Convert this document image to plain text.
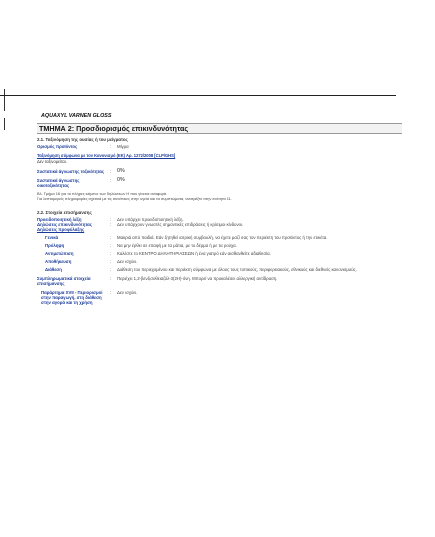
AQUAXYL VARNEN GLOSS
ΤΜΗΜΑ 2: Προσδιορισμός επικινδυνότητας
2.1. Ταξινόμηση της ουσίας ή του μείγματος
Ορισμός προϊόντος	:	Μίγμα
Ταξινόμηση σύμφωνα με τον Κανονισμό (ΕΚ) Αρ. 1272/2008 [CLP/GHS]
Δεν ταξινομείται.
Συστατικά άγνωστης τοξικότητας	:	0%
Συστατικά άγνωστης οικοτοξικότητας
:	0%
Βλ. Τμήμα 16 για το πλήρες κείμενο των δηλώσεων H που γίνεται αναφορά.
Για λεπτομερείς πληροφορίες σχετικά με τις συνέπειες στην υγεία και τα συμπτώματα, ανατρέξτε στην ενότητα 11.
2.2. Στοιχεία επισήμανσης
Προειδοποιητική λέξη	:	Δεν υπάρχει προειδοποιητική λέξη.
Δηλώσεις επικινδυνότητας	:	Δεν υπάρχουν γνωστές σημαντικές επιδράσεις ή κρίσιμοι κίνδυνοι.
Δηλώσεις προφύλαξης
Γενικά	:	Μακριά από παιδιά. Εάν ζητηθεί ιατρική συμβουλή, να έχετε μαζί σας τον περιέκτη του προϊόντος ή την ετικέτα.
Πρόληψη	:	Να μην έρθει σε επαφή με τα μάτια, με το δέρμα ή με τα ρούχα.
Αντιμετώπιση	:	Καλέστε το ΚΕΝΤΡΟ ΔΗΛΗΤΗΡΙΑΣΕΩΝ ή ένα γιατρό εάν αισθανθείτε αδιαθεσία.
Αποθήκευση	:	Δεν ισχύει.
Διάθεση	:	Διάθεση του περιεχομένου και περιέκτη σύμφωνα με όλους τους τοπικούς, περιφερειακούς, εθνικούς και διεθνείς κανονισμούς.
Συμπληρωματικά στοιχεία επισήμανσης
:	Περιέχει 1,2-βενζισοθειαζόλ-3(2Η)-όνη. Μπορεί να προκαλέσει αλλεργική αντίδραση.
Παράρτημα XVII - Περιορισμοί στην παραγωγή, στη διάθεση στην αγορά και τη χρήση
:	Δεν ισχύει.
